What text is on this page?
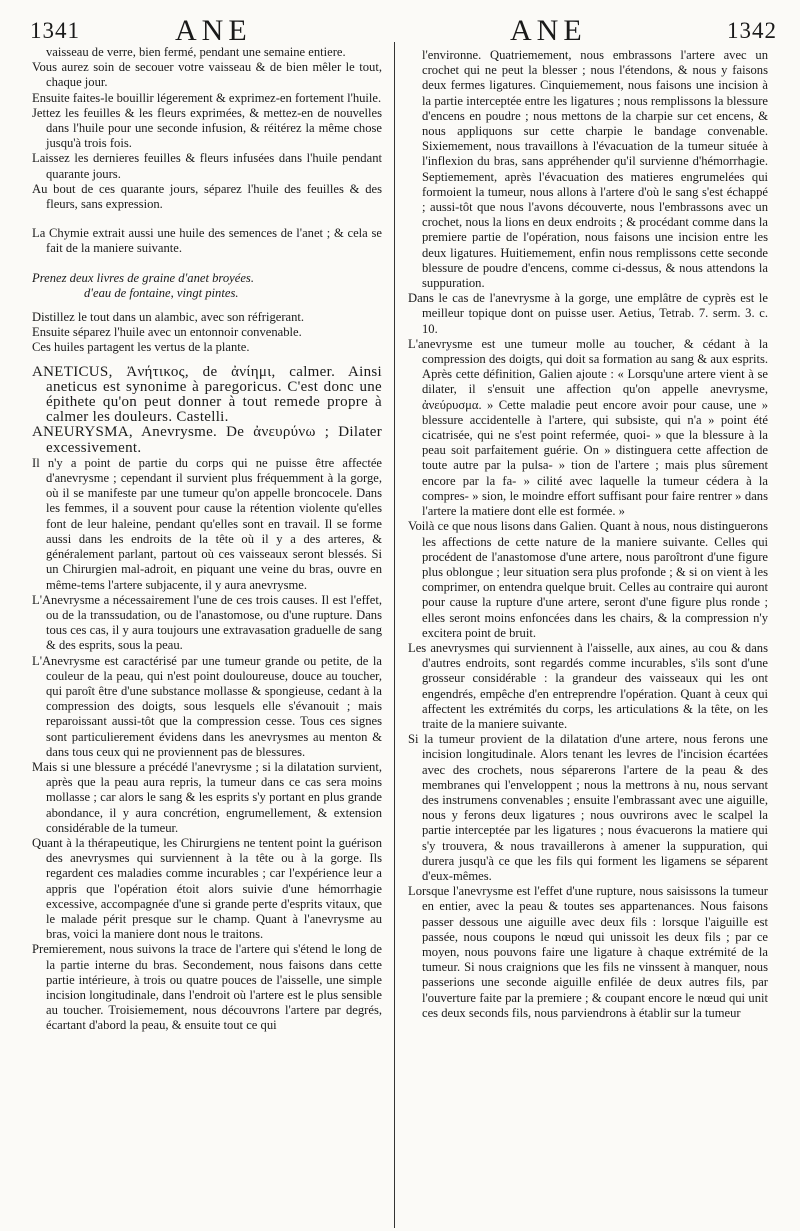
1341	ANE	ANE	1342

vaisseau de verre, bien fermé, pendant une semaine entiere.

Vous aurez soin de secouer votre vaisseau & de bien mêler le tout, chaque jour.

Ensuite faites-le bouillir légerement & exprimez-en fortement l'huile.

Jettez les feuilles & les fleurs exprimées, & mettez-en de nouvelles dans l'huile pour une seconde infusion, & réitérez la même chose jusqu'à trois fois.

Laissez les dernieres feuilles & fleurs infusées dans l'huile pendant quarante jours.

Au bout de ces quarante jours, séparez l'huile des feuilles & des fleurs, sans expression.

La Chymie extrait aussi une huile des semences de l'anet ; & cela se fait de la maniere suivante.

Prenez deux livres de graine d'anet broyées.

d'eau de fontaine, vingt pintes.

Distillez le tout dans un alambic, avec son réfrigerant.

Ensuite séparez l'huile avec un entonnoir convenable.

Ces huiles partagent les vertus de la plante.

ANETICUS, Ἀνήτικος, de ἀνίημι, calmer. Ainsi aneticus est synonime à paregoricus. C'est donc une épithete qu'on peut donner à tout remede propre à calmer les douleurs. Castelli.

ANEURYSMA, Anevrysme. De ἀνευρύνω ; Dilater excessivement.

Il n'y a point de partie du corps qui ne puisse être affectée d'anevrysme ; cependant il survient plus fréquemment à la gorge, où il se manifeste par une tumeur qu'on appelle broncocele. Dans les femmes, il a souvent pour cause la rétention violente qu'elles font de leur haleine, pendant qu'elles sont en travail. Il se forme aussi dans les endroits de la tête où il y a des arteres, & généralement parlant, partout où ces vaisseaux seront blessés. Si un Chirurgien mal-adroit, en piquant une veine du bras, ouvre en même-tems l'artere subjacente, il y aura anevrysme.

L'Anevrysme a nécessairement l'une de ces trois causes. Il est l'effet, ou de la transsudation, ou de l'anastomose, ou d'une rupture. Dans tous ces cas, il y aura toujours une extravasation graduelle de sang & des esprits, sous la peau.

L'Anevrysme est caractérisé par une tumeur grande ou petite, de la couleur de la peau, qui n'est point douloureuse, douce au toucher, qui paroît être d'une substance mollasse & spongieuse, cedant à la compression des doigts, sous lesquels elle s'évanouit ; mais reparoissant aussi-tôt que la compression cesse. Tous ces signes sont particulierement évidens dans les anevrysmes au menton & dans tous ceux qui ne proviennent pas de blessures.

Mais si une blessure a précédé l'anevrysme ; si la dilatation survient, après que la peau aura repris, la tumeur dans ce cas sera moins mollasse ; car alors le sang & les esprits s'y portant en plus grande abondance, il y aura concrétion, engrumellement, & extension considérable de la tumeur.

Quant à la thérapeutique, les Chirurgiens ne tentent point la guérison des anevrysmes qui surviennent à la tête ou à la gorge. Ils regardent ces maladies comme incurables ; car l'expérience leur a appris que l'opération étoit alors suivie d'une hémorrhagie excessive, accompagnée d'une si grande perte d'esprits vitaux, que le malade périt presque sur le champ. Quant à l'anevrysme au bras, voici la maniere dont nous le traitons.

Premierement, nous suivons la trace de l'artere qui s'étend le long de la partie interne du bras. Secondement, nous faisons dans cette partie intérieure, à trois ou quatre pouces de l'aisselle, une simple incision longitudinale, dans l'endroit où l'artere est le plus sensible au toucher. Troisiemement, nous découvrons l'artere par degrés, écartant d'abord la peau, & ensuite tout ce qui

l'environne. Quatriemement, nous embrassons l'artere avec un crochet qui ne peut la blesser ; nous l'étendons, & nous y faisons deux fermes ligatures. Cinquiemement, nous faisons une incision à la partie interceptée entre les ligatures ; nous remplissons la blessure d'encens en poudre ; nous mettons de la charpie sur cet encens, & nous appliquons sur cette charpie le bandage convenable. Sixiemement, nous travaillons à l'évacuation de la tumeur située à l'inflexion du bras, sans appréhender qu'il survienne d'hémorrhagie. Septiemement, après l'évacuation des matieres engrumelées qui formoient la tumeur, nous allons à l'artere d'où le sang s'est échappé ; aussi-tôt que nous l'avons découverte, nous l'embrassons avec un crochet, nous la lions en deux endroits ; & procédant comme dans la premiere partie de l'opération, nous faisons une incision entre les deux ligatures. Huitiemement, enfin nous remplissons cette seconde blessure de poudre d'encens, comme ci-dessus, & nous attendons la suppuration.

Dans le cas de l'anevrysme à la gorge, une emplâtre de cyprès est le meilleur topique dont on puisse user. Aetius, Tetrab. 7. serm. 3. c. 10.

L'anevrysme est une tumeur molle au toucher, & cédant à la compression des doigts, qui doit sa formation au sang & aux esprits. Après cette définition, Galien ajoute : « Lorsqu'une artere vient à se dilater, il s'ensuit une affection qu'on appelle anevrysme, ἀνεύρυσμα. » Cette maladie peut encore avoir pour cause, une » blessure accidentelle à l'artere, qui subsiste, qui n'a » point été cicatrisée, qui ne s'est point refermée, quoi- » que la blessure à la peau soit parfaitement guérie. On » distinguera cette affection de toute autre par la pulsa- » tion de l'artere ; mais plus sûrement encore par la fa- » cilité avec laquelle la tumeur cédera à la compres- » sion, le moindre effort suffisant pour faire rentrer » dans l'artere la matiere dont elle est formée. »

Voilà ce que nous lisons dans Galien. Quant à nous, nous distinguerons les affections de cette nature de la maniere suivante. Celles qui procédent de l'anastomose d'une artere, nous paroîtront d'une figure plus oblongue ; leur situation sera plus profonde ; & si on vient à les comprimer, on entendra quelque bruit. Celles au contraire qui auront pour cause la rupture d'une artere, seront d'une figure plus ronde ; elles seront moins enfoncées dans les chairs, & la compression n'y excitera point de bruit.

Les anevrysmes qui surviennent à l'aisselle, aux aines, au cou & dans d'autres endroits, sont regardés comme incurables, s'ils sont d'une grosseur considérable : la grandeur des vaisseaux qui les ont engendrés, empêche d'en entreprendre l'opération. Quant à ceux qui affectent les extrémités du corps, les articulations & la tête, on les traite de la maniere suivante.

Si la tumeur provient de la dilatation d'une artere, nous ferons une incision longitudinale. Alors tenant les levres de l'incision écartées avec des crochets, nous séparerons l'artere de la peau & des membranes qui l'enveloppent ; nous la mettrons à nu, nous servant des instrumens convenables ; ensuite l'embrassant avec une aiguille, nous y ferons deux ligatures ; nous ouvrirons avec le scalpel la partie interceptée par les ligatures ; nous évacuerons la matiere qui s'y trouvera, & nous travaillerons à amener la suppuration, qui durera jusqu'à ce que les fils qui forment les ligamens se séparent d'eux-mêmes.

Lorsque l'anevrysme est l'effet d'une rupture, nous saisissons la tumeur en entier, avec la peau & toutes ses appartenances. Nous faisons passer dessous une aiguille avec deux fils : lorsque l'aiguille est passée, nous coupons le nœud qui unissoit les deux fils ; par ce moyen, nous pouvons faire une ligature à chaque extrémité de la tumeur. Si nous craignions que les fils ne vinssent à manquer, nous passerions une seconde aiguille enfilée de deux autres fils, par l'ouverture faite par la premiere ; & coupant encore le nœud qui unit ces deux seconds fils, nous parviendrons à établir sur la tumeur
